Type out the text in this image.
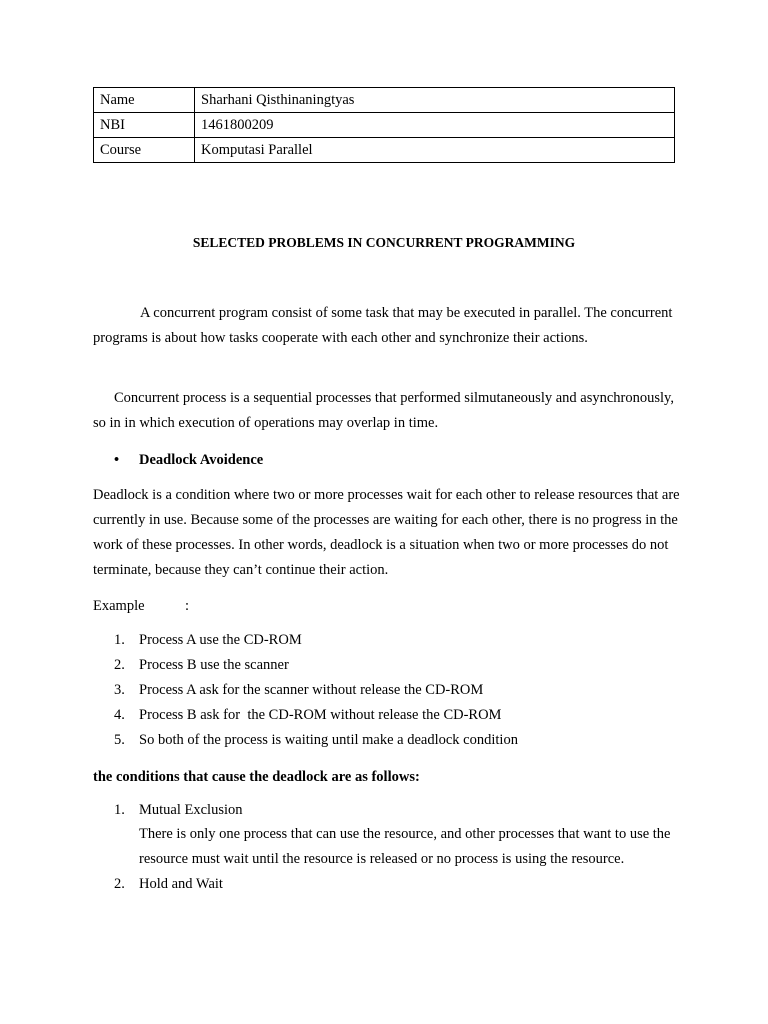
Name	Sharhani Qisthinaningtyas
NBI	1461800209
Course	Komputasi Parallel
SELECTED PROBLEMS IN CONCURRENT PROGRAMMING

A concurrent program consist of some task that may be executed in parallel. The concurrent programs is about how tasks cooperate with each other and synchronize their actions.

Concurrent process is a sequential processes that performed silmutaneously and asynchronously, so in in which execution of operations may overlap in time.

• Deadlock Avoidence

Deadlock is a condition where two or more processes wait for each other to release resources that are currently in use. Because some of the processes are waiting for each other, there is no progress in the work of these processes. In other words, deadlock is a situation when two or more processes do not terminate, because they can’t continue their action.

Example	:
1. Process A use the CD-ROM
2. Process B use the scanner
3. Process A ask for the scanner without release the CD-ROM
4. Process B ask for  the CD-ROM without release the CD-ROM
5. So both of the process is waiting until make a deadlock condition
the conditions that cause the deadlock are as follows:
1. Mutual Exclusion
There is only one process that can use the resource, and other processes that want to use the resource must wait until the resource is released or no process is using the resource.
2. Hold and Wait
